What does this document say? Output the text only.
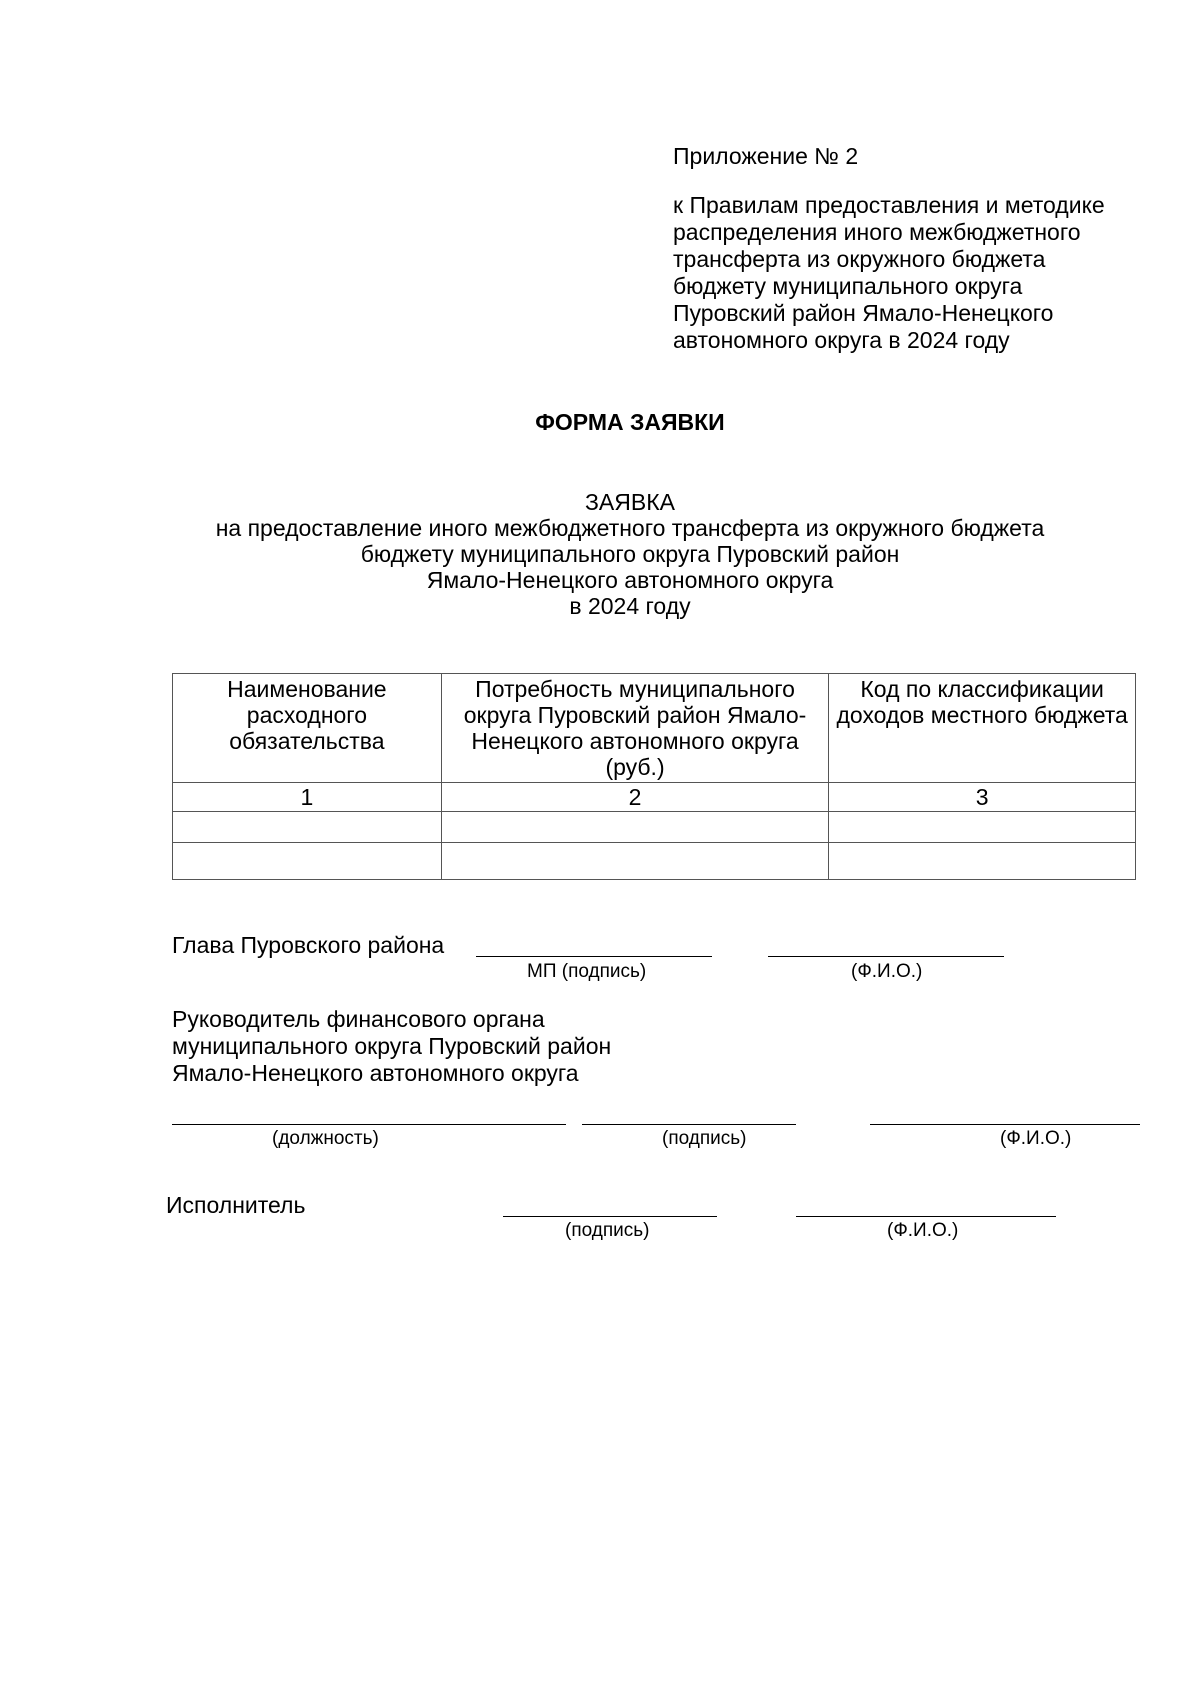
Приложение № 2
к Правилам предоставления и методике
распределения иного межбюджетного
трансферта из окружного бюджета
бюджету муниципального округа
Пуровский район Ямало-Ненецкого
автономного округа в 2024 году
ФОРМА ЗАЯВКИ
ЗАЯВКА
на предоставление иного межбюджетного трансферта из окружного бюджета
бюджету муниципального округа Пуровский район
Ямало-Ненецкого автономного округа
в 2024 году
Наименование расходного обязательства	Потребность муниципального округа Пуровский район Ямало-Ненецкого автономного округа (руб.)	Код по классификации доходов местного бюджета
1	2	3

Глава Пуровского района
МП (подпись)	(Ф.И.О.)
Руководитель финансового органа
муниципального округа Пуровский район
Ямало-Ненецкого автономного округа
(должность)	(подпись)	(Ф.И.О.)
Исполнитель
(подпись)	(Ф.И.О.)
